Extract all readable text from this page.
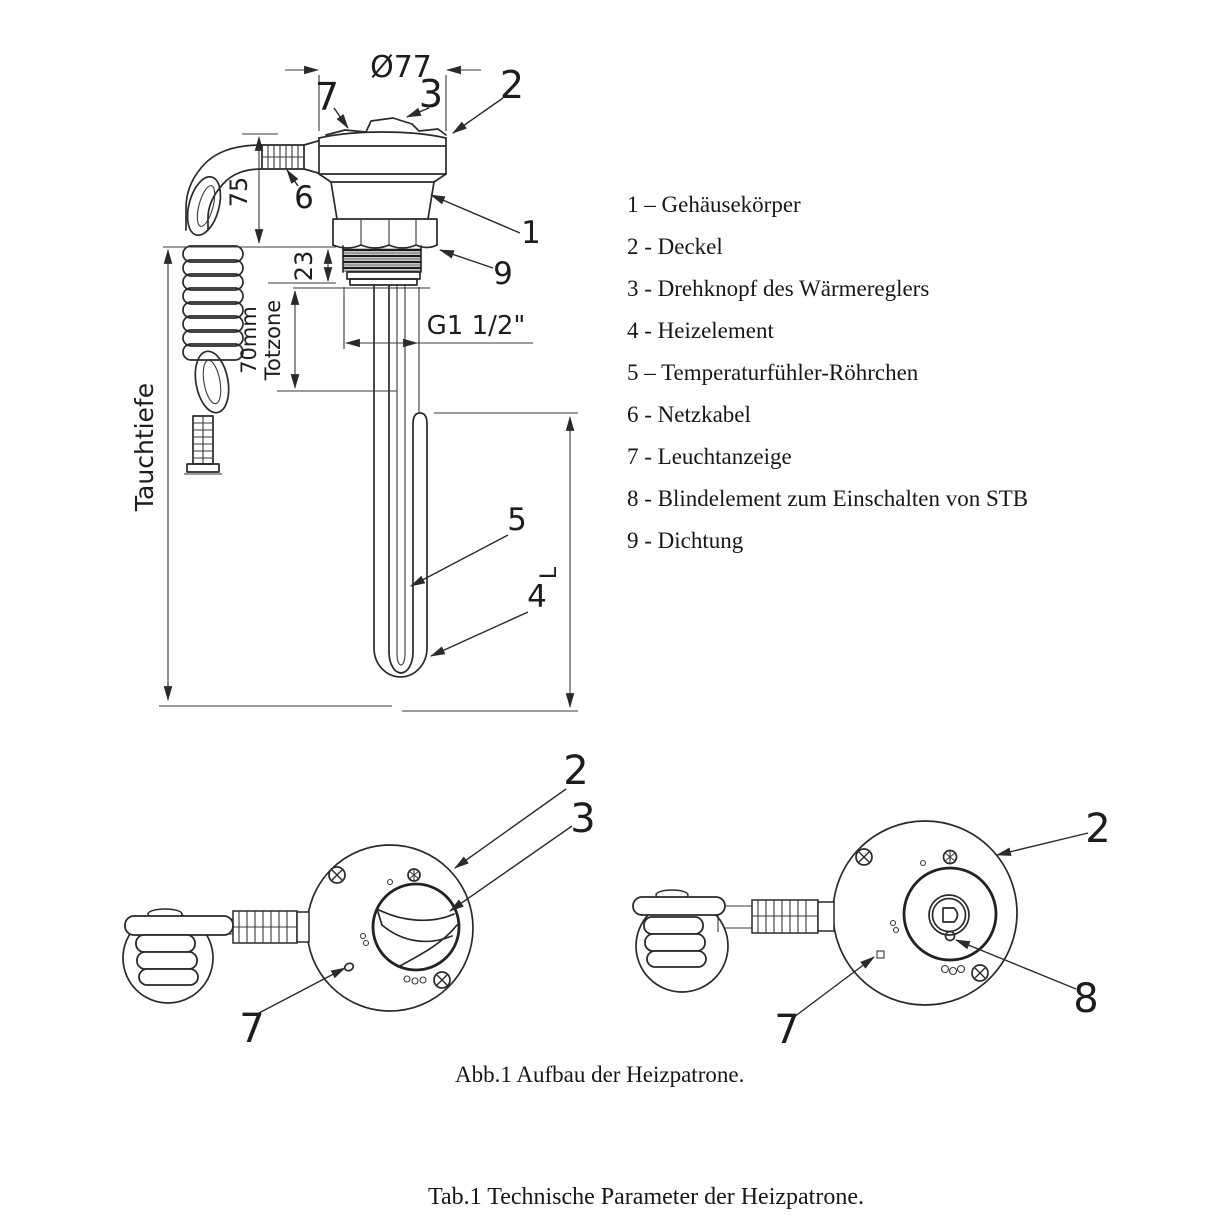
Ø77
G1 1/2"
23
70mm Totzone
75
Tauchtiefe
L
7 3 2
6
1
9
5
4
2
3
7
2
8
7
1 – Gehäusekörper
2 - Deckel
3 - Drehknopf des Wärmereglers
4 - Heizelement
5 – Temperaturfühler-Röhrchen
6 - Netzkabel
7 - Leuchtanzeige
8 - Blindelement zum Einschalten von STB
9 - Dichtung
Abb.1 Aufbau der Heizpatrone.
Tab.1 Technische Parameter der Heizpatrone.
